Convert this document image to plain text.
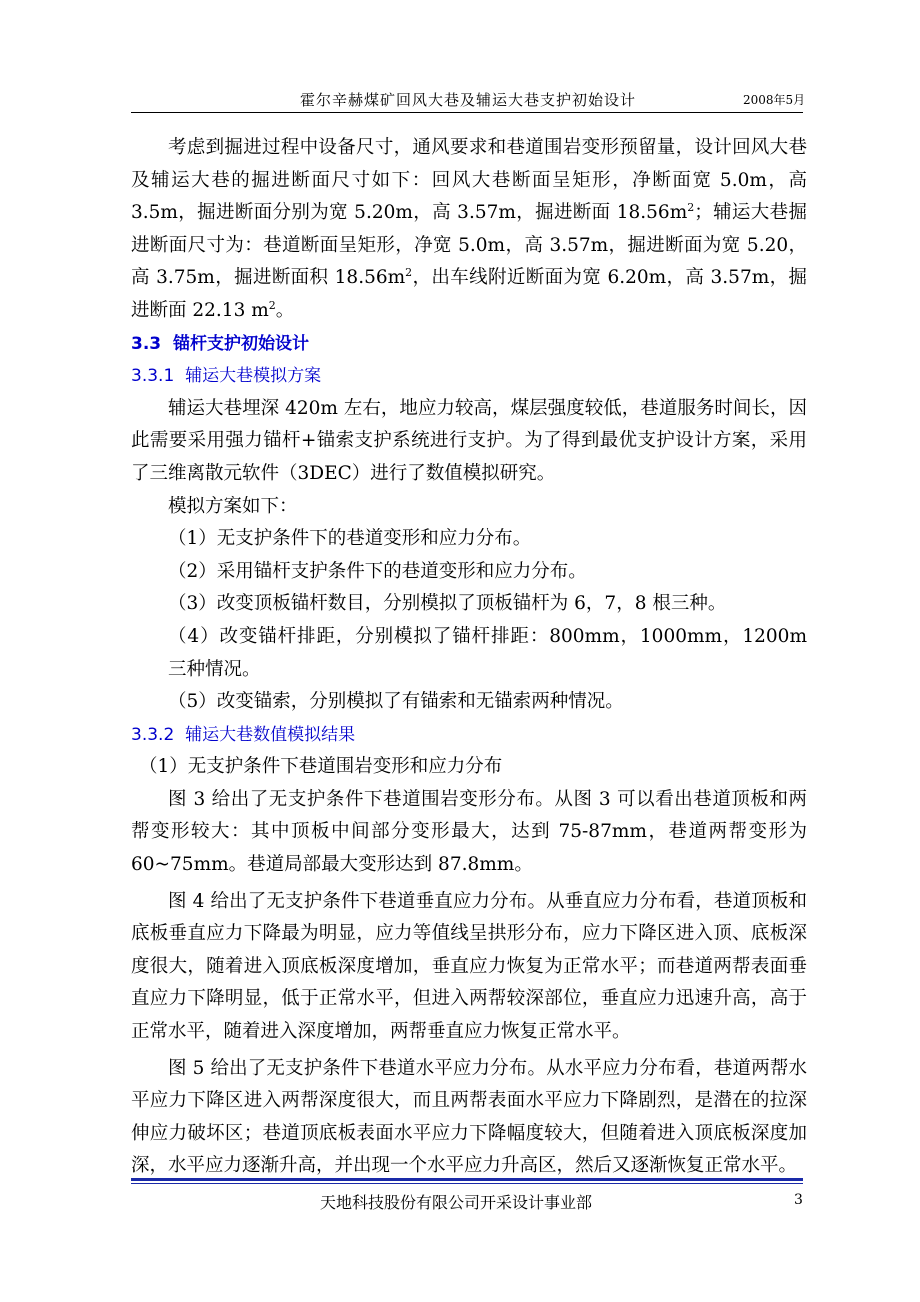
霍尔辛赫煤矿回风大巷及辅运大巷支护初始设计	2008年5月

考虑到掘进过程中设备尺寸，通风要求和巷道围岩变形预留量，设计回风大巷及辅运大巷的掘进断面尺寸如下：回风大巷断面呈矩形，净断面宽 5.0m，高 3.5m，掘进断面分别为宽 5.20m，高 3.57m，掘进断面 $18.56m^2$；辅运大巷掘进断面尺寸为：巷道断面呈矩形，净宽 5.0m，高 3.57m，掘进断面为宽 5.20，高 3.75m，掘进断面积 $18.56m^2$，出车线附近断面为宽 6.20m，高 3.57m，掘进断面 22.13 $m^2$。

3.3 锚杆支护初始设计

3.3.1 辅运大巷模拟方案

辅运大巷埋深 420m 左右，地应力较高，煤层强度较低，巷道服务时间长，因此需要采用强力锚杆+锚索支护系统进行支护。为了得到最优支护设计方案，采用了三维离散元软件（3DEC）进行了数值模拟研究。

模拟方案如下：

（1）无支护条件下的巷道变形和应力分布。

（2）采用锚杆支护条件下的巷道变形和应力分布。

（3）改变顶板锚杆数目，分别模拟了顶板锚杆为 6，7，8 根三种。

（4）改变锚杆排距，分别模拟了锚杆排距：800mm，1000mm，1200m 三种情况。

（5）改变锚索，分别模拟了有锚索和无锚索两种情况。

3.3.2 辅运大巷数值模拟结果

（1）无支护条件下巷道围岩变形和应力分布

图 3 给出了无支护条件下巷道围岩变形分布。从图 3 可以看出巷道顶板和两帮变形较大：其中顶板中间部分变形最大，达到 75-87mm，巷道两帮变形为 60~75mm。巷道局部最大变形达到 87.8mm。

图 4 给出了无支护条件下巷道垂直应力分布。从垂直应力分布看，巷道顶板和底板垂直应力下降最为明显，应力等值线呈拱形分布，应力下降区进入顶、底板深度很大，随着进入顶底板深度增加，垂直应力恢复为正常水平；而巷道两帮表面垂直应力下降明显，低于正常水平，但进入两帮较深部位，垂直应力迅速升高，高于正常水平，随着进入深度增加，两帮垂直应力恢复正常水平。

图 5 给出了无支护条件下巷道水平应力分布。从水平应力分布看，巷道两帮水平应力下降区进入两帮深度很大，而且两帮表面水平应力下降剧烈，是潜在的拉深伸应力破坏区；巷道顶底板表面水平应力下降幅度较大，但随着进入顶底板深度加深，水平应力逐渐升高，并出现一个水平应力升高区，然后又逐渐恢复正常水平。

天地科技股份有限公司开采设计事业部	3
